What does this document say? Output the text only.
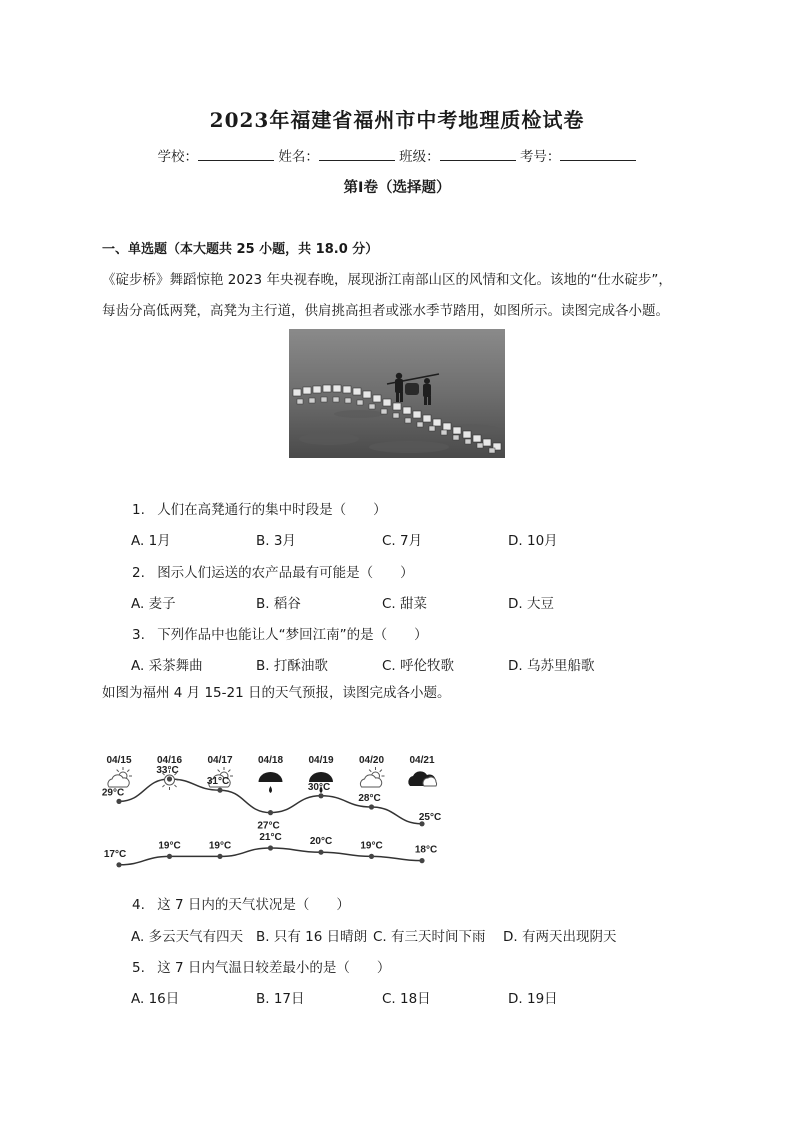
2023年福建省福州市中考地理质检试卷
学校：	姓名：	班级：	考号：
第I卷（选择题）
一、单选题（本大题共 25 小题，共 18.0 分）
《碇步桥》舞蹈惊艳 2023 年央视春晚，展现浙江南部山区的风情和文化。该地的“仕水碇步”，
每齿分高低两凳，高凳为主行道，供肩挑高担者或涨水季节踏用，如图所示。读图完成各小题。
1. 人们在高凳通行的集中时段是（　　）
A. 1月	B. 3月	C. 7月	D. 10月
2. 图示人们运送的农产品最有可能是（　　）
A. 麦子	B. 稻谷	C. 甜菜	D. 大豆
3. 下列作品中也能让人“梦回江南”的是（　　）
A. 采茶舞曲	B. 打酥油歌	C. 呼伦牧歌	D. 乌苏里船歌
如图为福州 4 月 15-21 日的天气预报，读图完成各小题。
04/15
29°C
17°C
04/16
33°C
19°C
04/17
31°C
19°C
04/18
27°C
21°C
04/19
30°C
20°C
04/20
28°C
19°C
04/21
25°C
18°C
4. 这 7 日内的天气状况是（　　）
A. 多云天气有四天 B. 只有 16 日晴朗 C. 有三天时间下雨 D. 有两天出现阴天
5. 这 7 日内气温日较差最小的是（　　）
A. 16日	B. 17日	C. 18日	D. 19日
